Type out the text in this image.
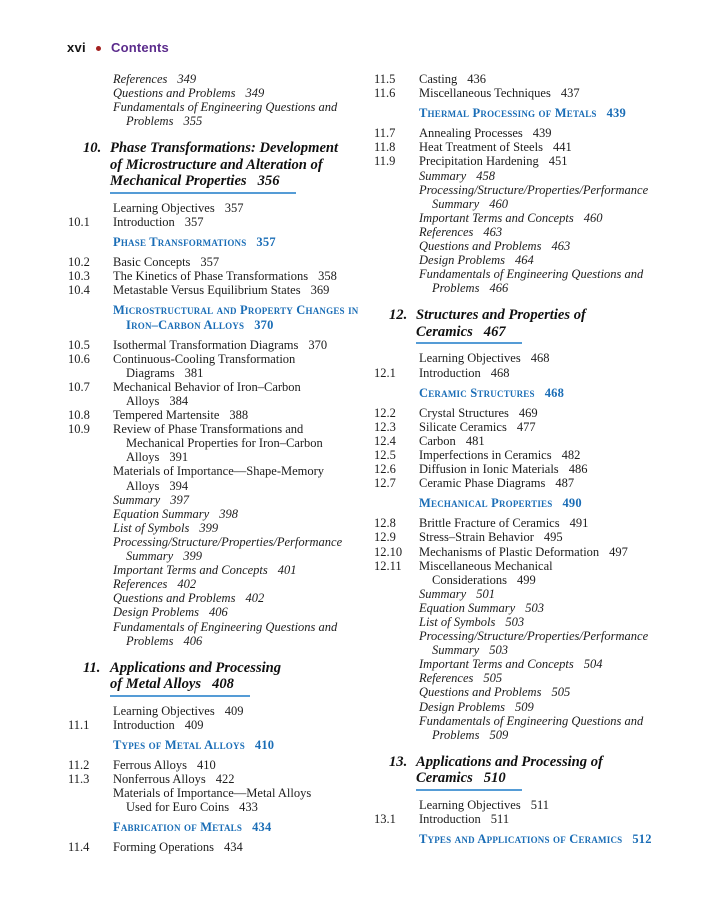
xvi Contents
References 349
Questions and Problems 349
Fundamentals of Engineering Questions and
Problems 355
10. Phase Transformations: Development
of Microstructure and Alteration of
Mechanical Properties 356
Learning Objectives 357
10.1	Introduction 357
Phase Transformations 357
10.2	Basic Concepts 357
10.3	The Kinetics of Phase Transformations 358
10.4	Metastable Versus Equilibrium States 369
Microstructural and Property Changes in
Iron–Carbon Alloys 370
10.5	Isothermal Transformation Diagrams 370
10.6	Continuous-Cooling Transformation
Diagrams 381
10.7	Mechanical Behavior of Iron–Carbon
Alloys 384
10.8	Tempered Martensite 388
10.9	Review of Phase Transformations and
Mechanical Properties for Iron–Carbon
Alloys 391
Materials of Importance—Shape-Memory
Alloys 394
Summary 397
Equation Summary 398
List of Symbols 399
Processing/Structure/Properties/Performance
Summary 399
Important Terms and Concepts 401
References 402
Questions and Problems 402
Design Problems 406
Fundamentals of Engineering Questions and
Problems 406
11. Applications and Processing
of Metal Alloys 408
Learning Objectives 409
11.1	Introduction 409
Types of Metal Alloys 410
11.2	Ferrous Alloys 410
11.3	Nonferrous Alloys 422
Materials of Importance—Metal Alloys
Used for Euro Coins 433
Fabrication of Metals 434
11.4	Forming Operations 434
11.5	Casting 436
11.6	Miscellaneous Techniques 437
Thermal Processing of Metals 439
11.7	Annealing Processes 439
11.8	Heat Treatment of Steels 441
11.9	Precipitation Hardening 451
Summary 458
Processing/Structure/Properties/Performance
Summary 460
Important Terms and Concepts 460
References 463
Questions and Problems 463
Design Problems 464
Fundamentals of Engineering Questions and
Problems 466
12. Structures and Properties of
Ceramics 467
Learning Objectives 468
12.1	Introduction 468
Ceramic Structures 468
12.2	Crystal Structures 469
12.3	Silicate Ceramics 477
12.4	Carbon 481
12.5	Imperfections in Ceramics 482
12.6	Diffusion in Ionic Materials 486
12.7	Ceramic Phase Diagrams 487
Mechanical Properties 490
12.8	Brittle Fracture of Ceramics 491
12.9	Stress–Strain Behavior 495
12.10	Mechanisms of Plastic Deformation 497
12.11	Miscellaneous Mechanical
Considerations 499
Summary 501
Equation Summary 503
List of Symbols 503
Processing/Structure/Properties/Performance
Summary 503
Important Terms and Concepts 504
References 505
Questions and Problems 505
Design Problems 509
Fundamentals of Engineering Questions and
Problems 509
13. Applications and Processing of
Ceramics 510
Learning Objectives 511
13.1	Introduction 511
Types and Applications of Ceramics 512
